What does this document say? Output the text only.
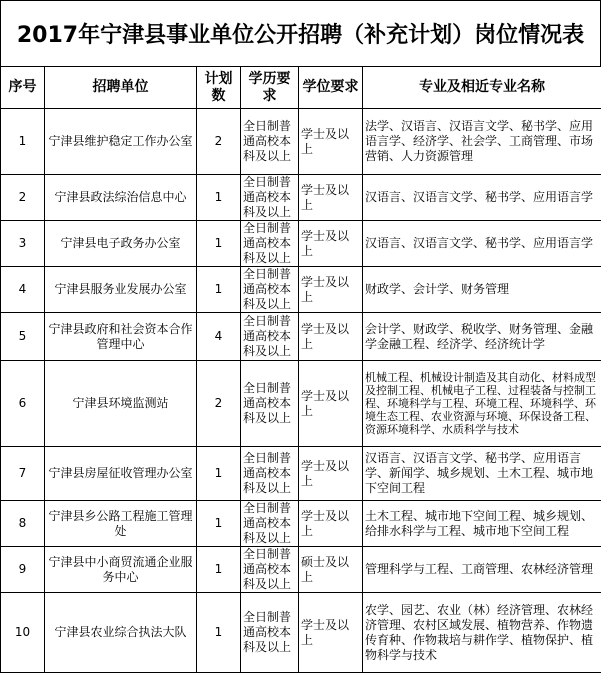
2017年宁津县事业单位公开招聘（补充计划）岗位情况表
序号	招聘单位	计划数	学历要求	学位要求	专业及相近专业名称
1	宁津县维护稳定工作办公室	2	全日制普通高校本科及以上	学士及以上	法学、汉语言、汉语言文学、秘书学、应用语言学、经济学、社会学、工商管理、市场营销、人力资源管理
2	宁津县政法综治信息中心	1	全日制普通高校本科及以上	学士及以上	汉语言、汉语言文学、秘书学、应用语言学
3	宁津县电子政务办公室	1	全日制普通高校本科及以上	学士及以上	汉语言、汉语言文学、秘书学、应用语言学
4	宁津县服务业发展办公室	1	全日制普通高校本科及以上	学士及以上	财政学、会计学、财务管理
5	宁津县政府和社会资本合作管理中心	4	全日制普通高校本科及以上	学士及以上	会计学、财政学、税收学、财务管理、金融学金融工程、经济学、经济统计学
6	宁津县环境监测站	2	全日制普通高校本科及以上	学士及以上	机械工程、机械设计制造及其自动化、材料成型及控制工程、机械电子工程、过程装备与控制工程、环境科学与工程、环境工程、环境科学、环境生态工程、农业资源与环境、环保设备工程、资源环境科学、水质科学与技术
7	宁津县房屋征收管理办公室	1	全日制普通高校本科及以上	学士及以上	汉语言、汉语言文学、秘书学、应用语言学、新闻学、城乡规划、土木工程、城市地下空间工程
8	宁津县乡公路工程施工管理处	1	全日制普通高校本科及以上	学士及以上	土木工程、城市地下空间工程、城乡规划、给排水科学与工程、城市地下空间工程
9	宁津县中小商贸流通企业服务中心	1	全日制普通高校本科及以上	硕士及以上	管理科学与工程、工商管理、农林经济管理
10	宁津县农业综合执法大队	1	全日制普通高校本科及以上	学士及以上	农学、园艺、农业（林）经济管理、农林经济管理、农村区域发展、植物营养、作物遗传育种、作物栽培与耕作学、植物保护、植物科学与技术
